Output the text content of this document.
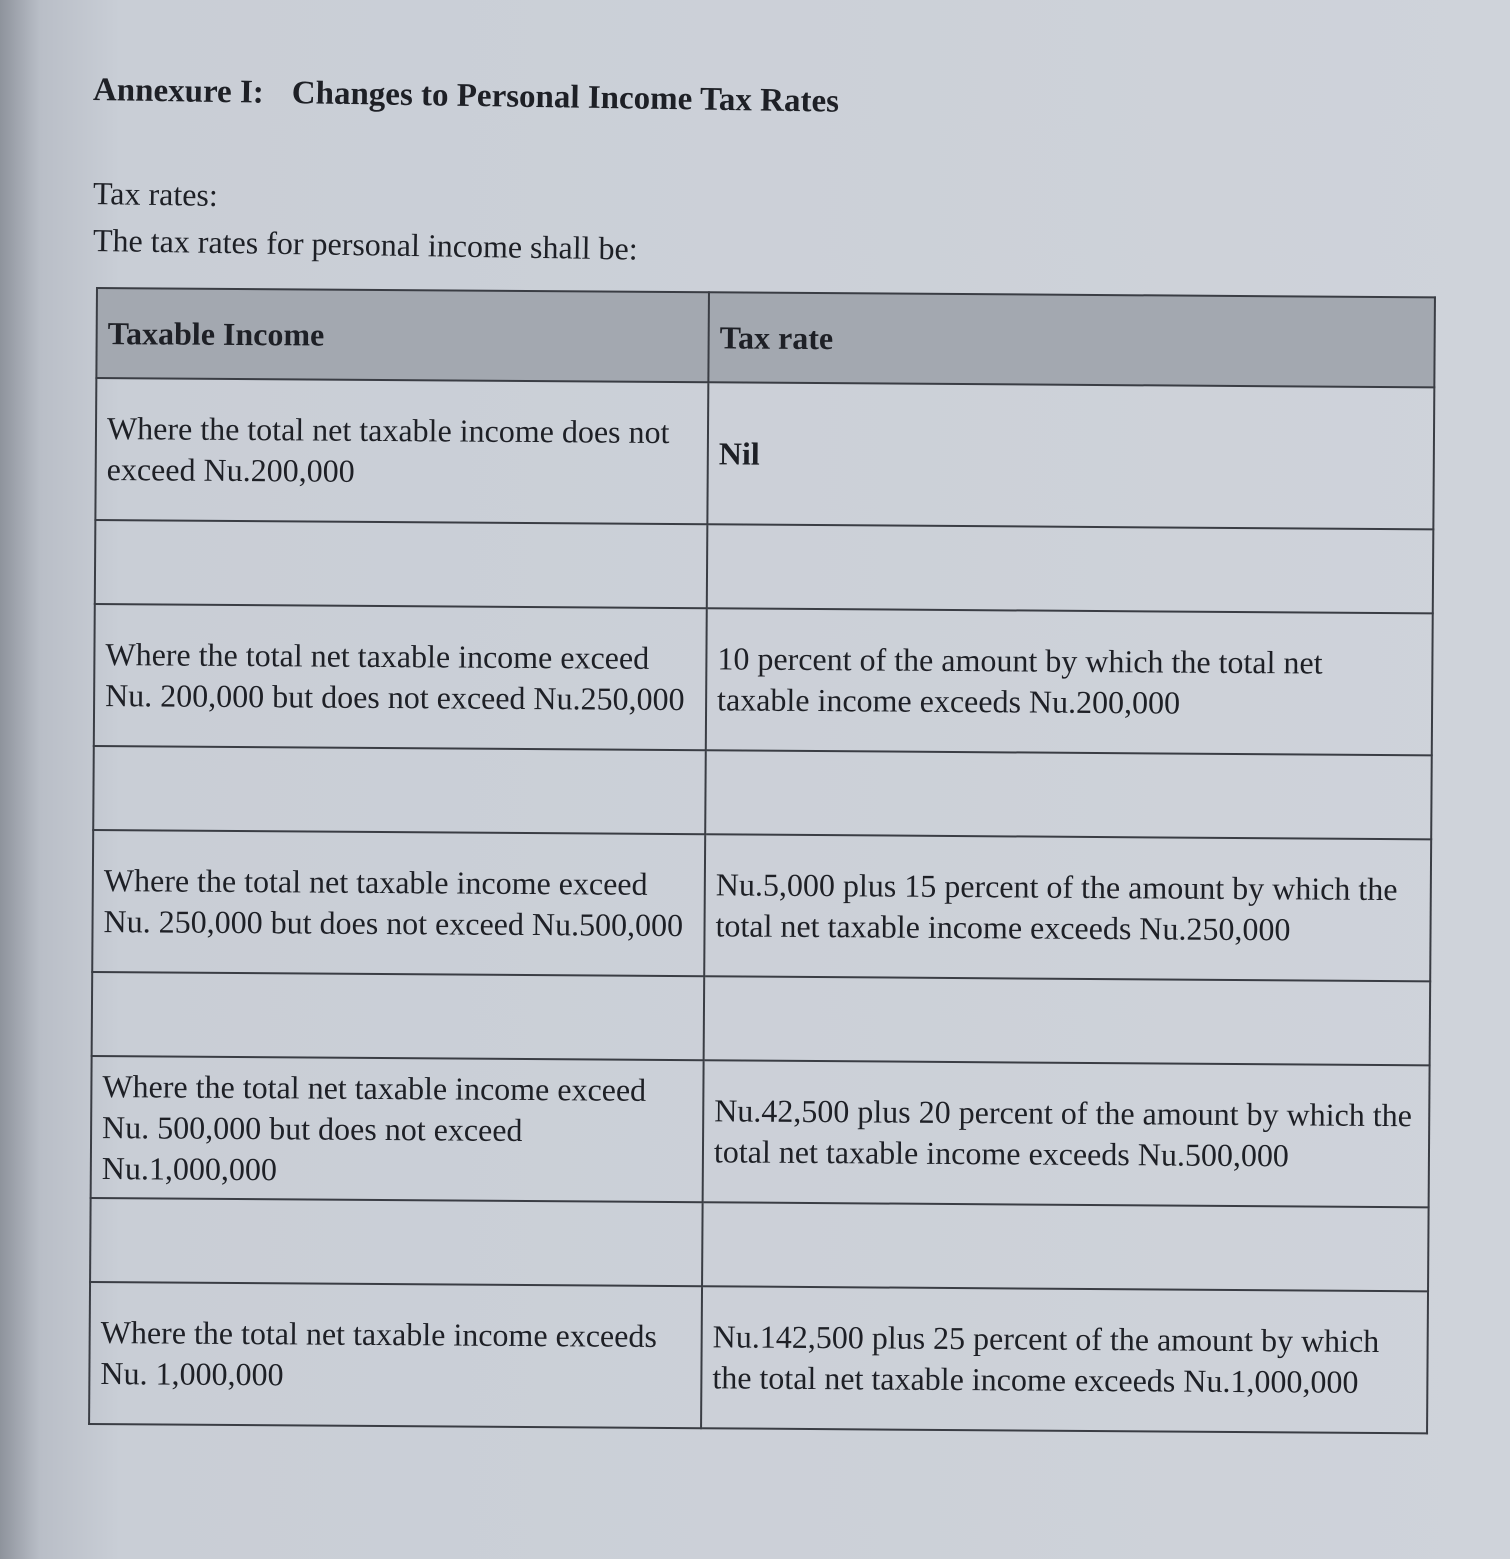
Annexure I: Changes to Personal Income Tax Rates
Tax rates:
The tax rates for personal income shall be:
Taxable Income	Tax rate
Where the total net taxable income does not exceed Nu.200,000	Nil

Where the total net taxable income exceed Nu. 200,000 but does not exceed Nu.250,000	10 percent of the amount by which the total net taxable income exceeds Nu.200,000

Where the total net taxable income exceed Nu. 250,000 but does not exceed Nu.500,000	Nu.5,000 plus 15 percent of the amount by which the total net taxable income exceeds Nu.250,000

Where the total net taxable income exceed Nu. 500,000 but does not exceed Nu.1,000,000	Nu.42,500 plus 20 percent of the amount by which the total net taxable income exceeds Nu.500,000

Where the total net taxable income exceeds Nu. 1,000,000	Nu.142,500 plus 25 percent of the amount by which the total net taxable income exceeds Nu.1,000,000
